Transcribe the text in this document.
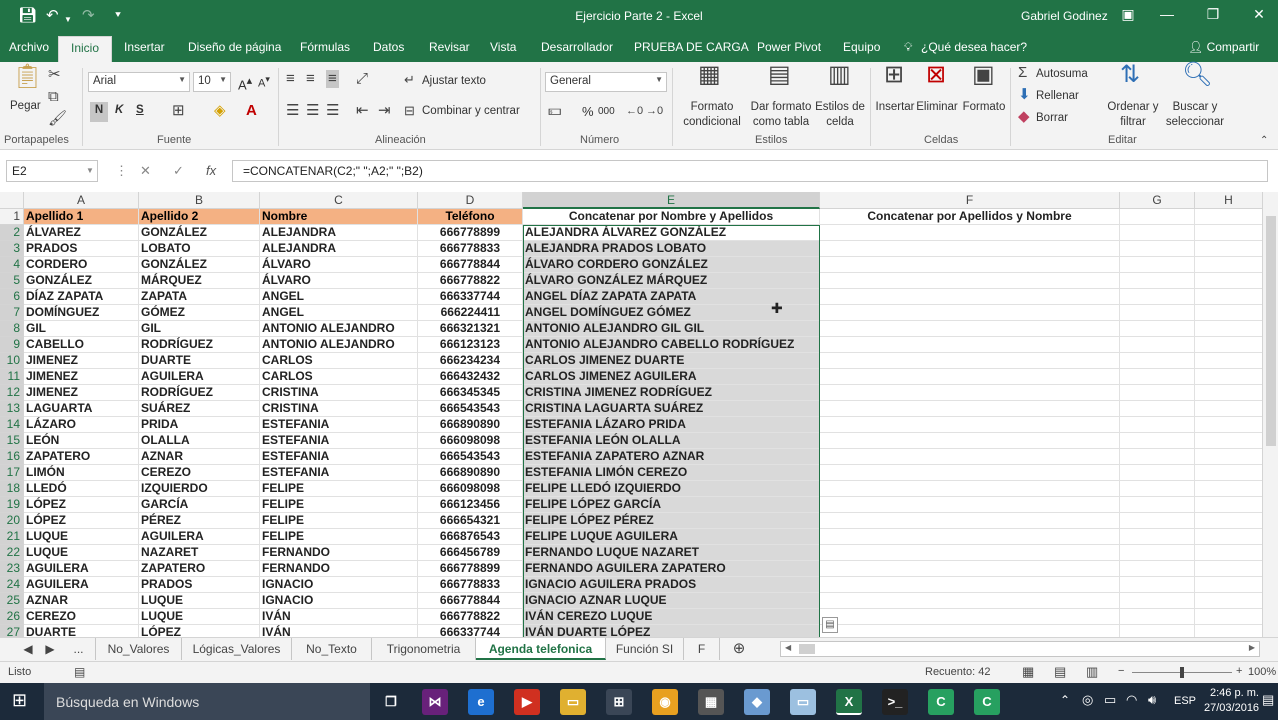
💾︎ ↶ ▼ ↷ ⯆	Ejercicio Parte 2 - Excel	Gabriel Godinez ▣	—	❐	✕
Archivo	Inicio	Insertar Diseño de página Fórmulas Datos Revisar Vista Desarrollador PRUEBA DE CARGA Power Pivot Equipo 💡︎ ¿Qué desea hacer?	👤︎ Compartir
📋︎
Pegar
✂
⧉
🖌︎
Portapapeles
Arial	▼	10 ▼ A▴ A▾
N	K S ⊞ ◈ A
Fuente
≡ ≡ ≡ ⤢
☰ ☰ ☰ ⇤ ⇥
↵ Ajustar texto
⊟ Combinar y centrar
Alineación
General	▼
💵︎ % 000 ←0 →0
Número
▦
Formato condicional
▤
Dar formato como tabla
▥
Estilos de celda
Estilos
⊞
Insertar
⊠
Eliminar
▣
Formato
Celdas
Σ Autosuma
⬇ Rellenar
◆ Borrar
⇅
Ordenar y filtrar
🔍︎
Buscar y seleccionar
Editar	⌃
E2	▼ ⋮ ✕ ✓ fx	=CONCATENAR(C2;" ";A2;" ";B2)
A	B	C	D	E	F	G	H
1 Apellido 1	Apellido 2	Nombre	Teléfono	Concatenar por Nombre y Apellidos	Concatenar por Apellidos y Nombre
2 ÁLVAREZ	GONZÁLEZ	ALEJANDRA	666778899	ALEJANDRA ÁLVAREZ GONZÁLEZ
3 PRADOS	LOBATO	ALEJANDRA	666778833	ALEJANDRA PRADOS LOBATO
4 CORDERO	GONZÁLEZ	ÁLVARO	666778844	ÁLVARO CORDERO GONZÁLEZ
5 GONZÁLEZ	MÁRQUEZ	ÁLVARO	666778822	ÁLVARO GONZÁLEZ MÁRQUEZ
6 DÍAZ ZAPATA	ZAPATA	ANGEL	666337744	ANGEL DÍAZ ZAPATA ZAPATA
7 DOMÍNGUEZ	GÓMEZ	ANGEL	666224411	ANGEL DOMÍNGUEZ GÓMEZ
8 GIL	GIL	ANTONIO ALEJANDRO	666321321	ANTONIO ALEJANDRO GIL GIL
9 CABELLO	RODRÍGUEZ	ANTONIO ALEJANDRO	666123123	ANTONIO ALEJANDRO CABELLO RODRÍGUEZ
10 JIMENEZ	DUARTE	CARLOS	666234234	CARLOS JIMENEZ DUARTE
11 JIMENEZ	AGUILERA	CARLOS	666432432	CARLOS JIMENEZ AGUILERA
12 JIMENEZ	RODRÍGUEZ	CRISTINA	666345345	CRISTINA JIMENEZ RODRÍGUEZ
13 LAGUARTA	SUÁREZ	CRISTINA	666543543	CRISTINA LAGUARTA SUÁREZ
14 LÁZARO	PRIDA	ESTEFANIA	666890890	ESTEFANIA LÁZARO PRIDA
15 LEÓN	OLALLA	ESTEFANIA	666098098	ESTEFANIA LEÓN OLALLA
16 ZAPATERO	AZNAR	ESTEFANIA	666543543	ESTEFANIA ZAPATERO AZNAR
17 LIMÓN	CEREZO	ESTEFANIA	666890890	ESTEFANIA LIMÓN CEREZO
18 LLEDÓ	IZQUIERDO	FELIPE	666098098	FELIPE LLEDÓ IZQUIERDO
19 LÓPEZ	GARCÍA	FELIPE	666123456	FELIPE LÓPEZ GARCÍA
20 LÓPEZ	PÉREZ	FELIPE	666654321	FELIPE LÓPEZ PÉREZ
21 LUQUE	AGUILERA	FELIPE	666876543	FELIPE LUQUE AGUILERA
22 LUQUE	NAZARET	FERNANDO	666456789	FERNANDO LUQUE NAZARET
23 AGUILERA	ZAPATERO	FERNANDO	666778899	FERNANDO AGUILERA ZAPATERO
24 AGUILERA	PRADOS	IGNACIO	666778833	IGNACIO AGUILERA PRADOS
25 AZNAR	LUQUE	IGNACIO	666778844	IGNACIO AZNAR LUQUE
26 CEREZO	LUQUE	IVÁN	666778822	IVÁN CEREZO LUQUE
27 DUARTE	LÓPEZ	IVÁN	666337744	IVÁN DUARTE LÓPEZ
▤
✚
◀	▶	...	No_Valores	Lógicas_Valores	No_Texto	Trigonometria	Agenda telefonica	Función SI	F	⊕	◀	▶
Listo	▤	Recuento: 42 ▦ ▤ ▥ −	+ 100%
⊞ Búsqueda en Windows	❐	⋈	e	▶	▭	⊞	◉	▦	◆	▭	X	>_	C	C	⌃ ◎ ▭ ◠ 🔊︎ ESP
2:46 p. m.
27/03/2016
▤
